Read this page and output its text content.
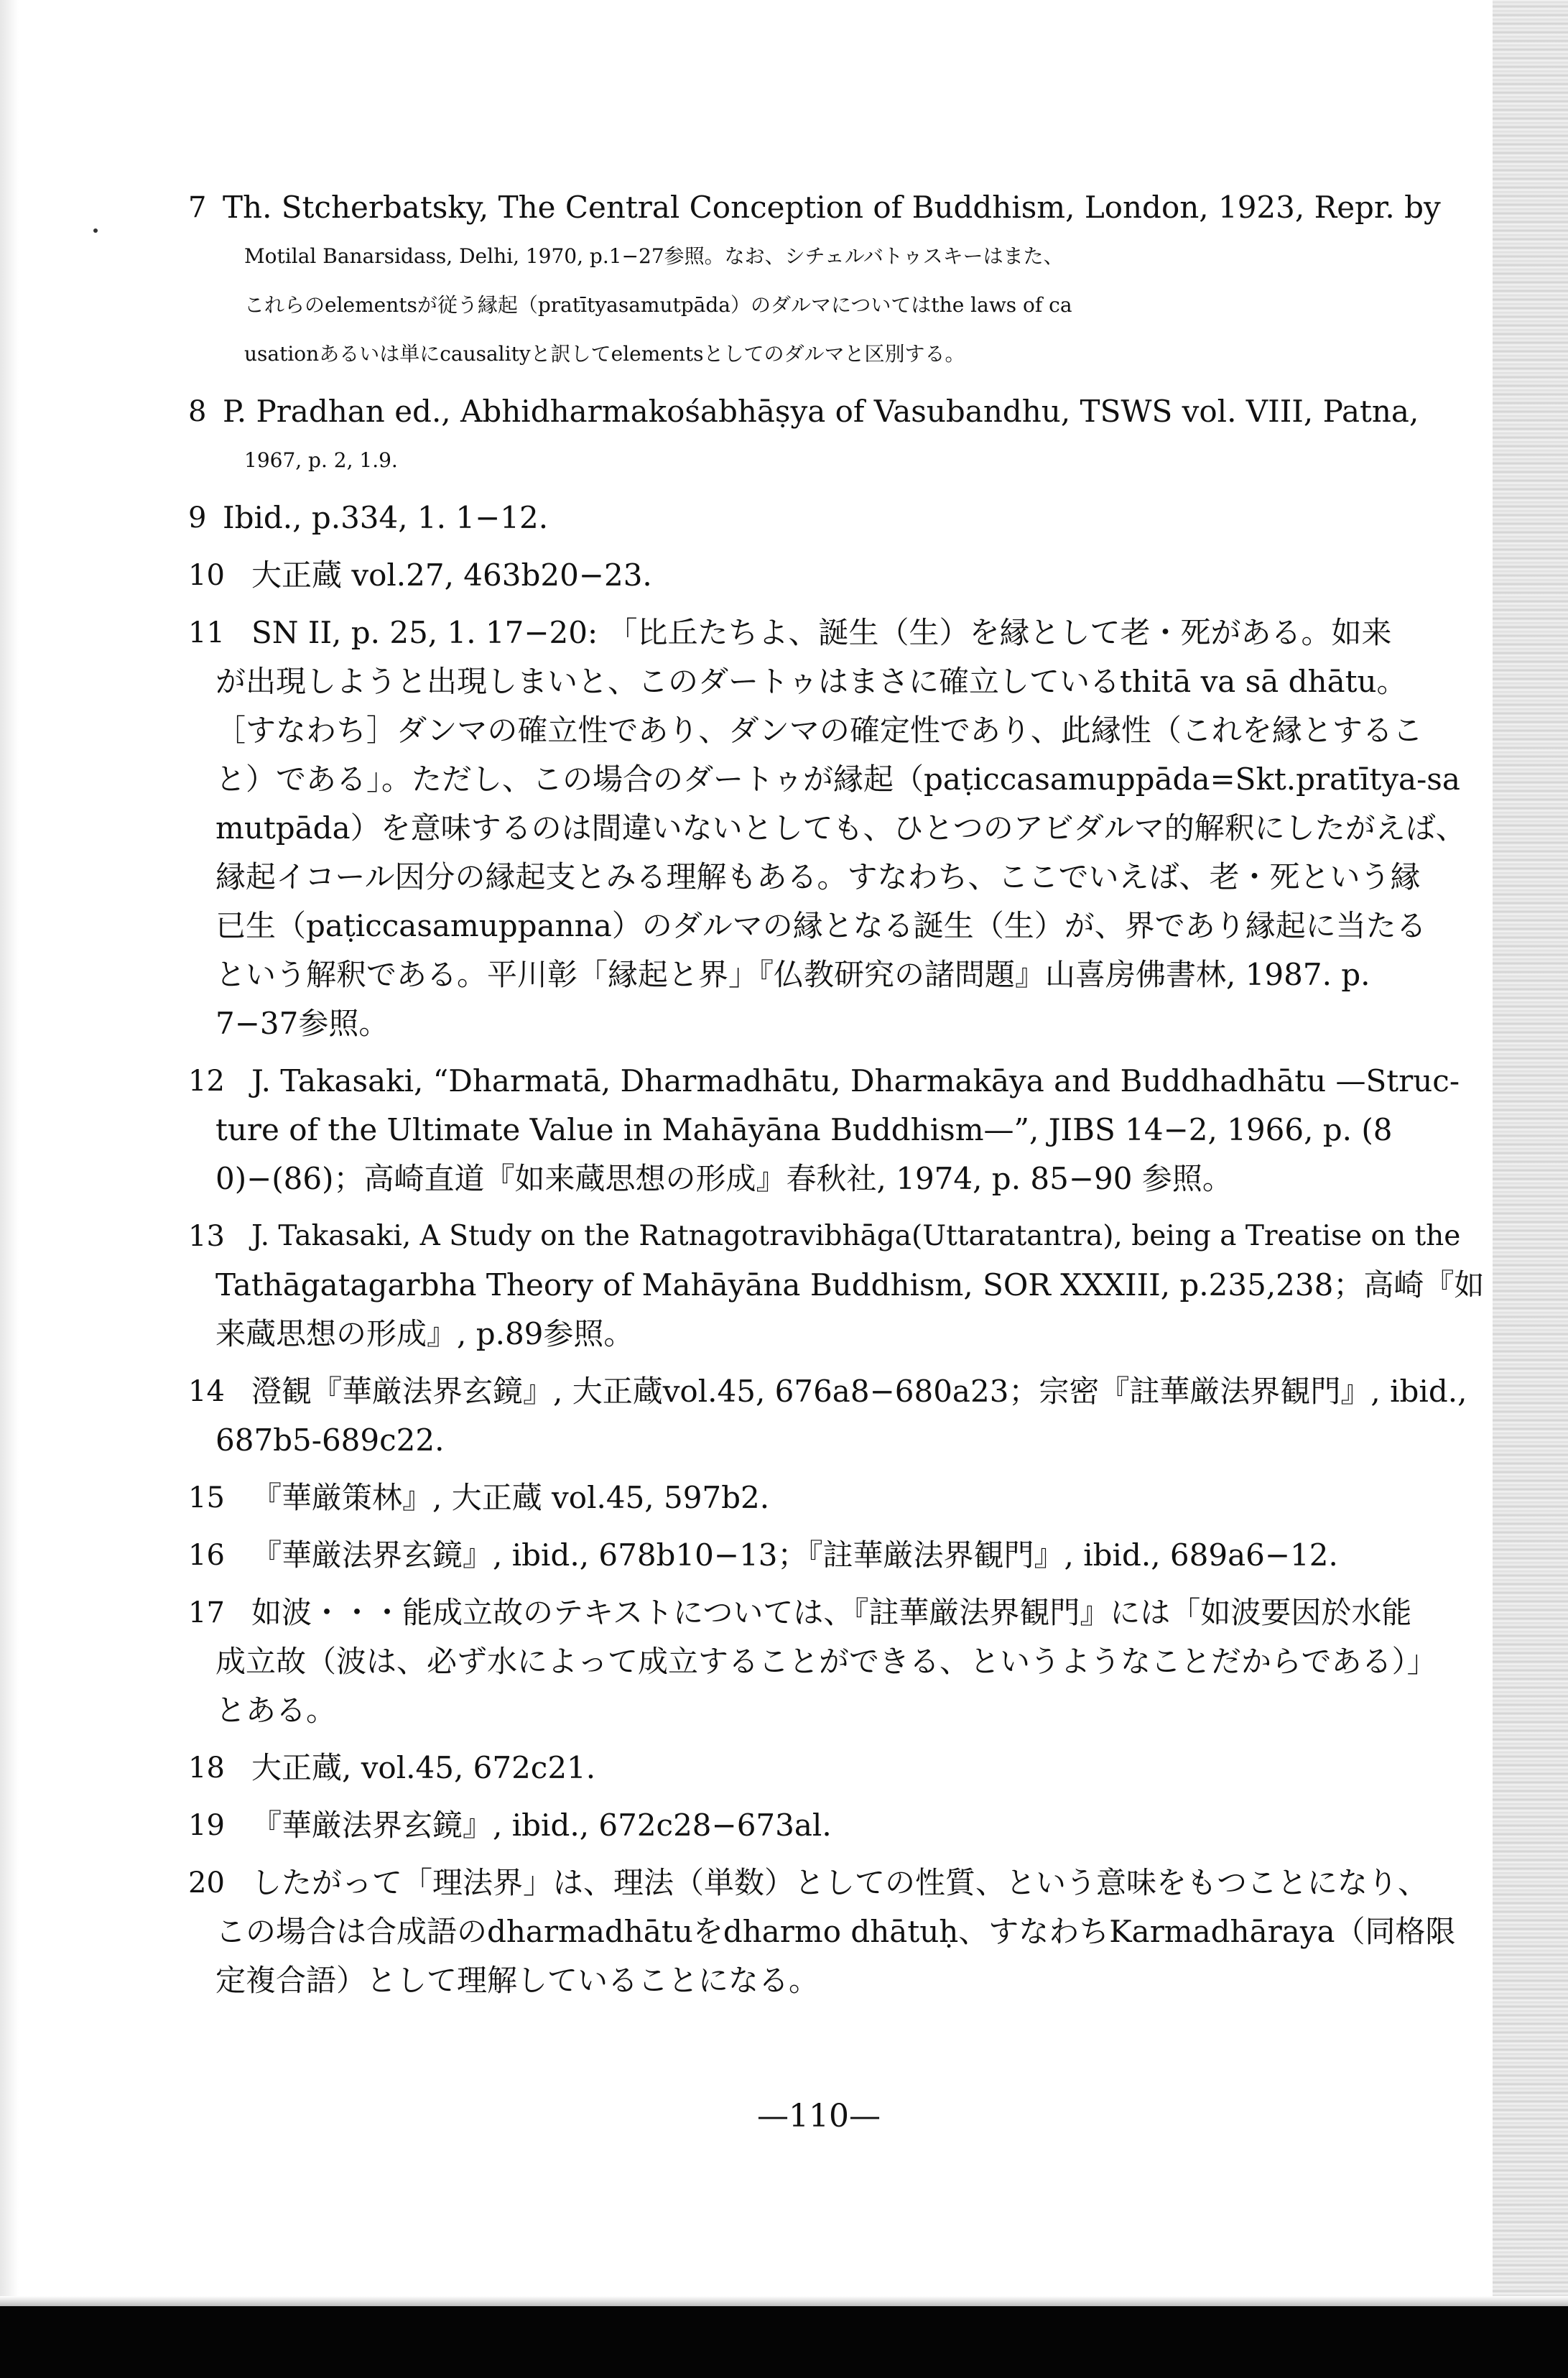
7 Th. Stcherbatsky, The Central Conception of Buddhism, London, 1923, Repr. by
Motilal Banarsidass, Delhi, 1970, p.1−27参照。なお、シチェルバトゥスキーはまた、
これらのelementsが従う縁起（pratītyasamutpāda）のダルマについてはthe laws of ca
usationあるいは単にcausalityと訳してelementsとしてのダルマと区別する。
8 P. Pradhan ed., Abhidharmakośabhāṣya of Vasubandhu, TSWS vol. VIII, Patna,
1967, p. 2, 1.9.
9 Ibid., p.334, 1. 1−12.
10 大正蔵 vol.27, 463b20−23.
11 SN II, p. 25, 1. 17−20: 「比丘たちよ、誕生（生）を縁として老・死がある。如来
が出現しようと出現しまいと、このダートゥはまさに確立しているthitā va sā dhātu。
［すなわち］ダンマの確立性であり、ダンマの確定性であり、此縁性（これを縁とするこ
と）である」。ただし、この場合のダートゥが縁起（paṭiccasamuppāda=Skt.pratītya-sa
mutpāda）を意味するのは間違いないとしても、ひとつのアビダルマ的解釈にしたがえば、
縁起イコール因分の縁起支とみる理解もある。すなわち、ここでいえば、老・死という縁
已生（paṭiccasamuppanna）のダルマの縁となる誕生（生）が、界であり縁起に当たる
という解釈である。平川彰「縁起と界」『仏教研究の諸問題』山喜房佛書林, 1987. p.
7−37参照。
12 J. Takasaki, “Dharmatā, Dharmadhātu, Dharmakāya and Buddhadhātu —Struc-
ture of the Ultimate Value in Mahāyāna Buddhism—”, JIBS 14−2, 1966, p. (8
0)−(86)；高崎直道『如来蔵思想の形成』春秋社, 1974, p. 85−90 参照。
13 J. Takasaki, A Study on the Ratnagotravibhāga(Uttaratantra), being a Treatise on the
Tathāgatagarbha Theory of Mahāyāna Buddhism, SOR XXXIII, p.235,238；高崎『如
来蔵思想の形成』, p.89参照。
14 澄観『華厳法界玄鏡』, 大正蔵vol.45, 676a8−680a23；宗密『註華厳法界観門』, ibid.,
687b5-689c22.
15 『華厳策林』, 大正蔵 vol.45, 597b2.
16 『華厳法界玄鏡』, ibid., 678b10−13；『註華厳法界観門』, ibid., 689a6−12.
17 如波・・・能成立故のテキストについては、『註華厳法界観門』には「如波要因於水能
成立故（波は、必ず水によって成立することができる、というようなことだからである）」
とある。
18 大正蔵, vol.45, 672c21.
19 『華厳法界玄鏡』, ibid., 672c28−673al.
20 したがって「理法界」は、理法（単数）としての性質、という意味をもつことになり、
この場合は合成語のdharmadhātuをdharmo dhātuḥ、すなわちKarmadhāraya（同格限
定複合語）として理解していることになる。
—110—
